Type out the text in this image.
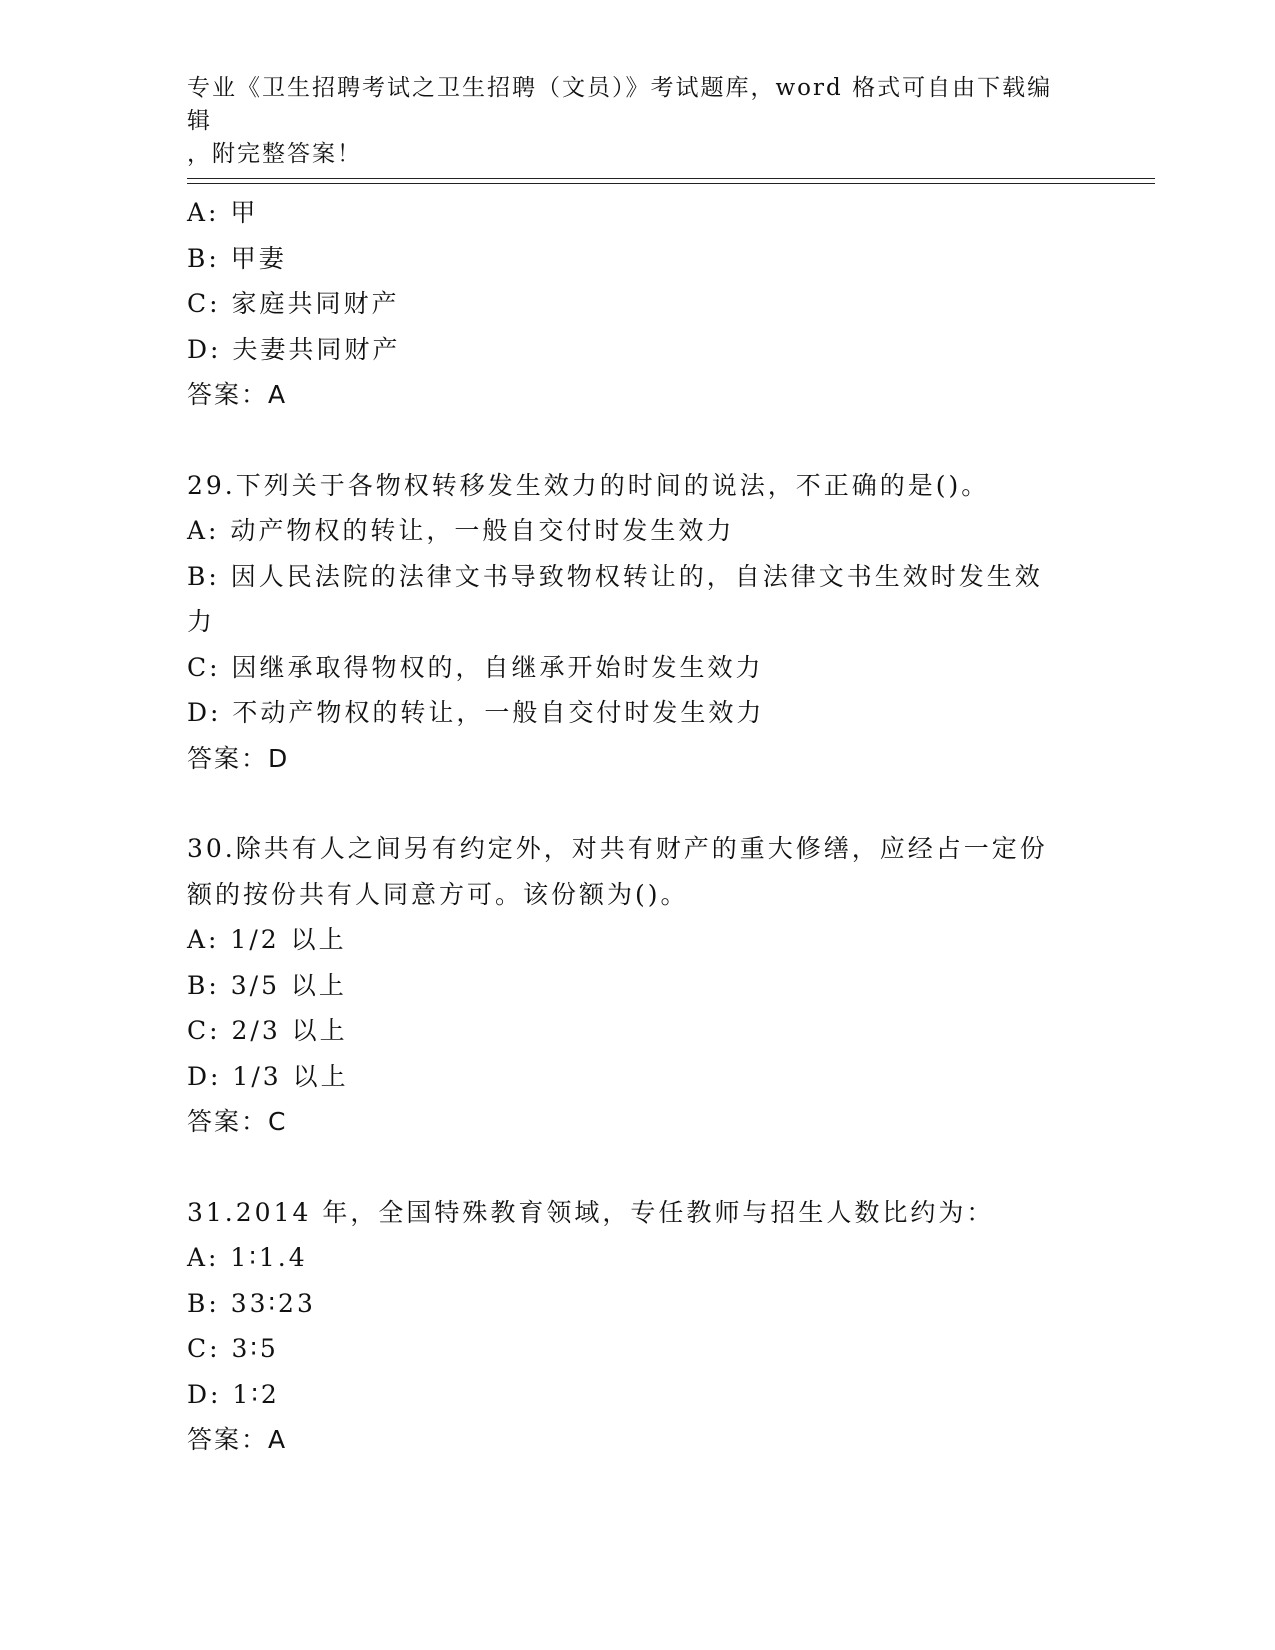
专业《卫生招聘考试之卫生招聘（文员）》考试题库，word 格式可自由下载编辑
，附完整答案！
A: 甲
B: 甲妻
C: 家庭共同财产
D: 夫妻共同财产
答案：A
29.下列关于各物权转移发生效力的时间的说法，不正确的是()。
A: 动产物权的转让，一般自交付时发生效力
B: 因人民法院的法律文书导致物权转让的，自法律文书生效时发生效
力
C: 因继承取得物权的，自继承开始时发生效力
D: 不动产物权的转让，一般自交付时发生效力
答案：D
30.除共有人之间另有约定外，对共有财产的重大修缮，应经占一定份
额的按份共有人同意方可。该份额为()。
A: 1/2 以上
B: 3/5 以上
C: 2/3 以上
D: 1/3 以上
答案：C
31.2014 年，全国特殊教育领域，专任教师与招生人数比约为：
A: 1∶1.4
B: 33∶23
C: 3∶5
D: 1∶2
答案：A
